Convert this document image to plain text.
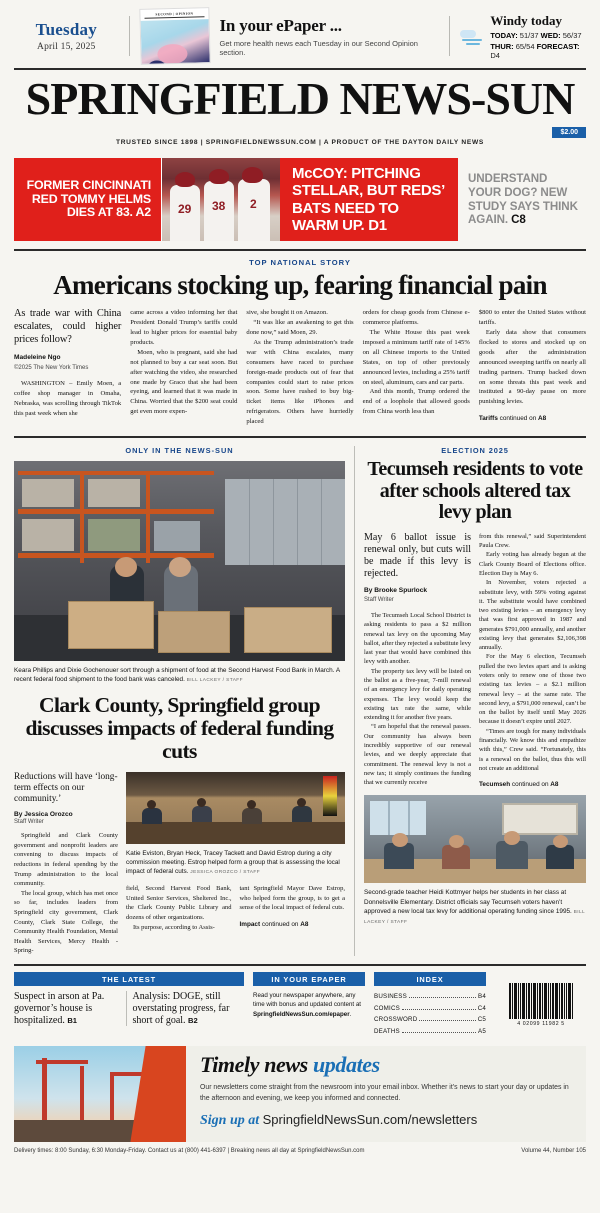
Tuesday
April 15, 2025
SECOND | OPINION
In your ePaper ...
Get more health news each Tuesday in our Second Opinion section.
Windy today
TODAY: 51/37 WED: 56/37
THUR: 65/54 FORECAST: D4
SPRINGFIELD NEWS-SUN
TRUSTED SINCE 1898 | SPRINGFIELDNEWSSUN.COM | A PRODUCT OF THE DAYTON DAILY NEWS
$2.00
FORMER CINCINNATI RED TOMMY HELMS DIES AT 83. A2 29 38 2
McCOY: PITCHING STELLAR, BUT REDS’ BATS NEED TO WARM UP. D1
UNDERSTAND YOUR DOG? NEW STUDY SAYS THINK AGAIN. C8
TOP NATIONAL STORY
Americans stocking up, fearing financial pain
As trade war with China escalates, could higher prices follow?
Madeleine Ngo
©2025 The New York Times

WASHINGTON – Emily Moen, a coffee shop manager in Omaha, Nebraska, was scrolling through TikTok this past week when she

came across a video informing her that President Donald Trump’s tariffs could lead to higher prices for essential baby products.

Moen, who is pregnant, said she had not planned to buy a car seat soon. But after watching the video, she researched one made by Graco that she had been eyeing, and learned that it was made in China. Worried that the $200 seat could get even more expen-

sive, she bought it on Amazon.

“It was like an awakening to get this done now,” said Moen, 29.

As the Trump administration’s trade war with China escalates, many consumers have raced to purchase foreign-made products out of fear that companies could start to raise prices soon. Some have rushed to buy big-ticket items like iPhones and refrigerators. Others have hurriedly placed

orders for cheap goods from Chinese e-commerce platforms.

The White House this past week imposed a minimum tariff rate of 145% on all Chinese imports to the United States, on top of other previously announced levies, including a 25% tariff on steel, aluminum, cars and car parts.

And this month, Trump ordered the end of a loophole that allowed goods from China worth less than

$800 to enter the United States without tariffs.

Early data show that consumers flocked to stores and stocked up on goods after the administration announced sweeping tariffs on nearly all trading partners. Trump backed down on some threats this past week and instituted a 90-day pause on more punishing levies.

Tariffs continued on A8
ONLY IN THE NEWS-SUN
Keara Phillips and Dixie Gochenouer sort through a shipment of food at the Second Harvest Food Bank in March. A recent federal food shipment to the food bank was canceled. BILL LACKEY / STAFF
Clark County, Springfield group discusses impacts of federal funding cuts
Reductions will have ‘long-term effects on our community.’
By Jessica Orozco
Staff Writer

Springfield and Clark County government and nonprofit leaders are convening to discuss impacts of reductions in federal spending by the Trump administration to the local community.

The local group, which has met once so far, includes leaders from Springfield city government, Clark County, Clark State College, the Community Health Foundation, Mental Health Services, Mercy Health - Spring-

Katie Eviston, Bryan Heck, Tracey Tackett and David Estrop during a city commission meeting. Estrop helped form a group that is assessing the local impact of federal cuts. JESSICA OROZCO / STAFF

field, Second Harvest Food Bank, United Senior Services, Sheltered Inc., the Clark County Public Library and dozens of other organizations.

Its purpose, according to Assis-

tant Springfield Mayor Dave Estrop, who helped form the group, is to get a sense of the local impact of federal cuts.

Impact continued on A8
ELECTION 2025
Tecumseh residents to vote after schools altered tax levy plan
May 6 ballot issue is renewal only, but cuts will be made if this levy is rejected.
By Brooke Spurlock
Staff Writer

The Tecumseh Local School District is asking residents to pass a $2 million renewal tax levy on the upcoming May ballot, after they rejected a substitute levy last year that would have combined this levy with another.

The property tax levy will be listed on the ballot as a five-year, 7-mill renewal of an emergency levy for daily operating expenses. The levy would keep the existing tax rate the same, while extending it for another five years.

“I am hopeful that the renewal passes. Our community has always been incredibly supportive of our renewal levies, and we deeply appreciate that commitment. The renewal levy is not a new tax; it simply continues the funding that we currently receive

from this renewal,” said Superintendent Paula Crew.

Early voting has already begun at the Clark County Board of Elections office. Election Day is May 6.

In November, voters rejected a substitute levy, with 59% voting against it. The substitute would have combined two existing levies – an emergency levy that was first approved in 1987 and generates $791,000 annually, and another existing levy that generates $2,106,398 annually.

For the May 6 election, Tecumseh pulled the two levies apart and is asking voters only to renew one of those two existing tax levies – a $2.1 million renewal levy – at the same rate. The second levy, a $791,000 renewal, can’t be on the ballot by itself until May 2026 because it doesn’t expire until 2027.

“Times are tough for many individuals financially. We know this and empathize with this,” Crew said. “Fortunately, this is a renewal on the ballot, thus this will not create an additional

Tecumseh continued on A8
Second-grade teacher Heidi Kottmyer helps her students in her class at Donnelsville Elementary. District officials say Tecumseh voters haven’t approved a new local tax levy for additional operating funding since 1995. BILL LACKEY / STAFF
THE LATEST
Suspect in arson at Pa. governor’s house is hospitalized. B1
Analysis: DOGE, still overstating progress, far short of goal. B2
IN YOUR EPAPER
Read your newspaper anywhere, any time with bonus and updated content at SpringfieldNewsSun.com/epaper.
INDEX
BUSINESS	B4
COMICS	C4
CROSSWORD	C5
DEATHS	A5
4 02099 11982 5
Timely news updates
Our newsletters come straight from the newsroom into your email inbox. Whether it’s news to start your day or updates in the afternoon and evening, we keep you informed and connected.
Sign up at SpringfieldNewsSun.com/newsletters
Delivery times: 8:00 Sunday, 6:30 Monday-Friday. Contact us at (800) 441-6397 | Breaking news all day at SpringfieldNewsSun.com	Volume 44, Number 105
